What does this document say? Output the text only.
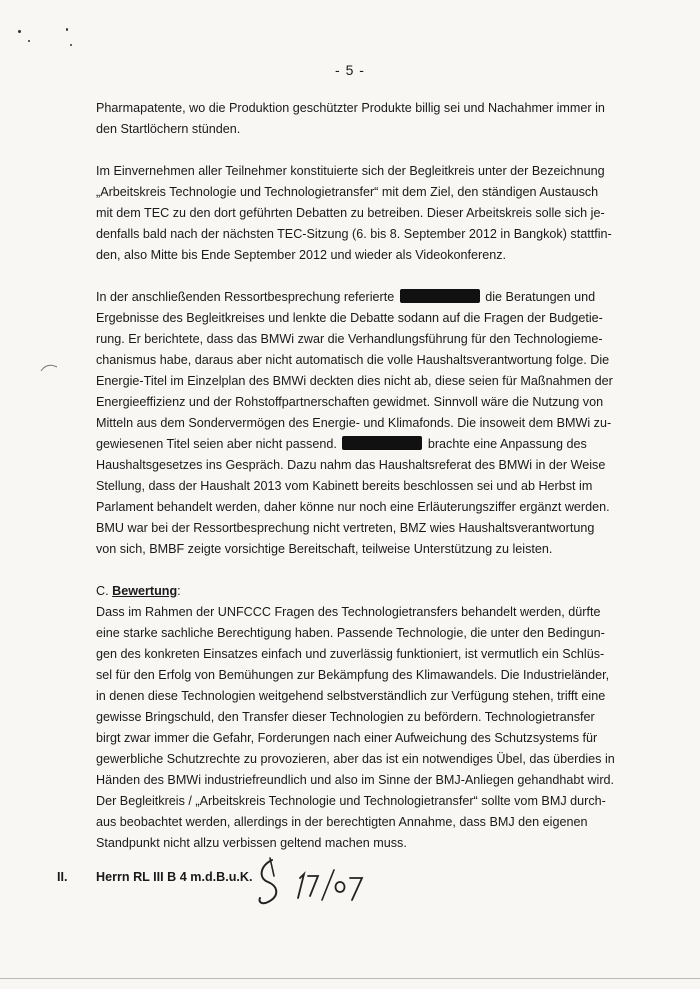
- 5 -

Pharmapatente, wo die Produktion geschützter Produkte billig sei und Nachahmer immer in

den Startlöchern stünden.

Im Einvernehmen aller Teilnehmer konstituierte sich der Begleitkreis unter der Bezeichnung

„Arbeitskreis Technologie und Technologietransfer“ mit dem Ziel, den ständigen Austausch

mit dem TEC zu den dort geführten Debatten zu betreiben. Dieser Arbeitskreis solle sich je-

denfalls bald nach der nächsten TEC-Sitzung (6. bis 8. September 2012 in Bangkok) stattfin-

den, also Mitte bis Ende September 2012 und wieder als Videokonferenz.

In der anschließenden Ressortbesprechung referierte	die Beratungen und

Ergebnisse des Begleitkreises und lenkte die Debatte sodann auf die Fragen der Budgetie-

rung. Er berichtete, dass das BMWi zwar die Verhandlungsführung für den Technologieme-

chanismus habe, daraus aber nicht automatisch die volle Haushaltsverantwortung folge. Die

Energie-Titel im Einzelplan des BMWi deckten dies nicht ab, diese seien für Maßnahmen der

Energieeffizienz und der Rohstoffpartnerschaften gewidmet. Sinnvoll wäre die Nutzung von

Mitteln aus dem Sondervermögen des Energie- und Klimafonds. Die insoweit dem BMWi zu-

gewiesenen Titel seien aber nicht passend.	brachte eine Anpassung des

Haushaltsgesetzes ins Gespräch. Dazu nahm das Haushaltsreferat des BMWi in der Weise

Stellung, dass der Haushalt 2013 vom Kabinett bereits beschlossen sei und ab Herbst im

Parlament behandelt werden, daher könne nur noch eine Erläuterungsziffer ergänzt werden.

BMU war bei der Ressortbesprechung nicht vertreten, BMZ wies Haushaltsverantwortung

von sich, BMBF zeigte vorsichtige Bereitschaft, teilweise Unterstützung zu leisten.

C. Bewertung:

Dass im Rahmen der UNFCCC Fragen des Technologietransfers behandelt werden, dürfte

eine starke sachliche Berechtigung haben. Passende Technologie, die unter den Bedingun-

gen des konkreten Einsatzes einfach und zuverlässig funktioniert, ist vermutlich ein Schlüs-

sel für den Erfolg von Bemühungen zur Bekämpfung des Klimawandels. Die Industrieländer,

in denen diese Technologien weitgehend selbstverständlich zur Verfügung stehen, trifft eine

gewisse Bringschuld, den Transfer dieser Technologien zu befördern. Technologietransfer

birgt zwar immer die Gefahr, Forderungen nach einer Aufweichung des Schutzsystems für

gewerbliche Schutzrechte zu provozieren, aber das ist ein notwendiges Übel, das überdies in

Händen des BMWi industriefreundlich und also im Sinne der BMJ-Anliegen gehandhabt wird.

Der Begleitkreis / „Arbeitskreis Technologie und Technologietransfer“ sollte vom BMJ durch-

aus beobachtet werden, allerdings in der berechtigten Annahme, dass BMJ den eigenen

Standpunkt nicht allzu verbissen geltend machen muss.

II. Herrn RL III B 4 m.d.B.u.K.
